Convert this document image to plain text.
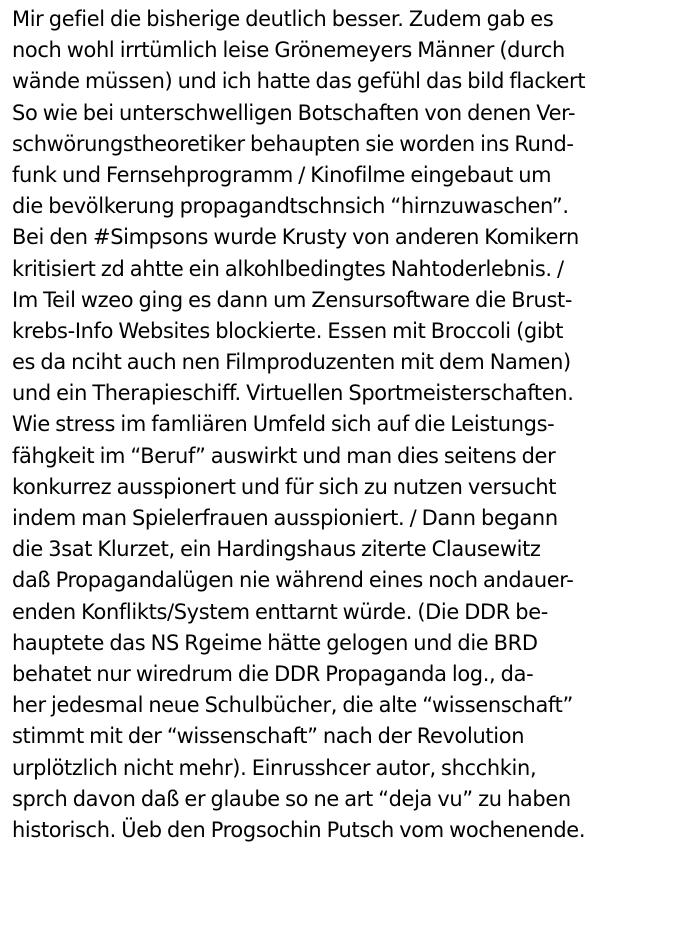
Mir gefiel die bisherige deutlich besser. Zudem gab es
noch wohl irrtümlich leise Grönemeyers Männer (durch
wände müssen) und ich hatte das gefühl das bild flackert
So wie bei unterschwelligen Botschaften von denen Ver-
schwörungstheoretiker behaupten sie worden ins Rund-
funk und Fernsehprogramm / Kinofilme eingebaut um
die bevölkerung propagandtschnsich “hirnzuwaschen”.
Bei den #Simpsons wurde Krusty von anderen Komikern
kritisiert zd ahtte ein alkohlbedingtes Nahtoderlebnis. /
Im Teil wzeo ging es dann um Zensursoftware die Brust-
krebs-Info Websites blockierte. Essen mit Broccoli (gibt
es da nciht auch nen Filmproduzenten mit dem Namen)
und ein Therapieschiff. Virtuellen Sportmeisterschaften.
Wie stress im famliären Umfeld sich auf die Leistungs-
fähgkeit im “Beruf” auswirkt und man dies seitens der
konkurrez ausspionert und für sich zu nutzen versucht
indem man Spielerfrauen ausspioniert. / Dann begann
die 3sat Klurzet, ein Hardingshaus ziterte Clausewitz
daß Propagandalügen nie während eines noch andauer-
enden Konflikts/System enttarnt würde. (Die DDR be-
hauptete das NS Rgeime hätte gelogen und die BRD
behatet nur wiredrum die DDR Propaganda log., da-
her jedesmal neue Schulbücher, die alte “wissenschaft”
stimmt mit der “wissenschaft” nach der Revolution
urplötzlich nicht mehr). Einrusshcer autor, shcchkin,
sprch davon daß er glaube so ne art “deja vu” zu haben
historisch. Üeb den Progsochin Putsch vom wochenende.
